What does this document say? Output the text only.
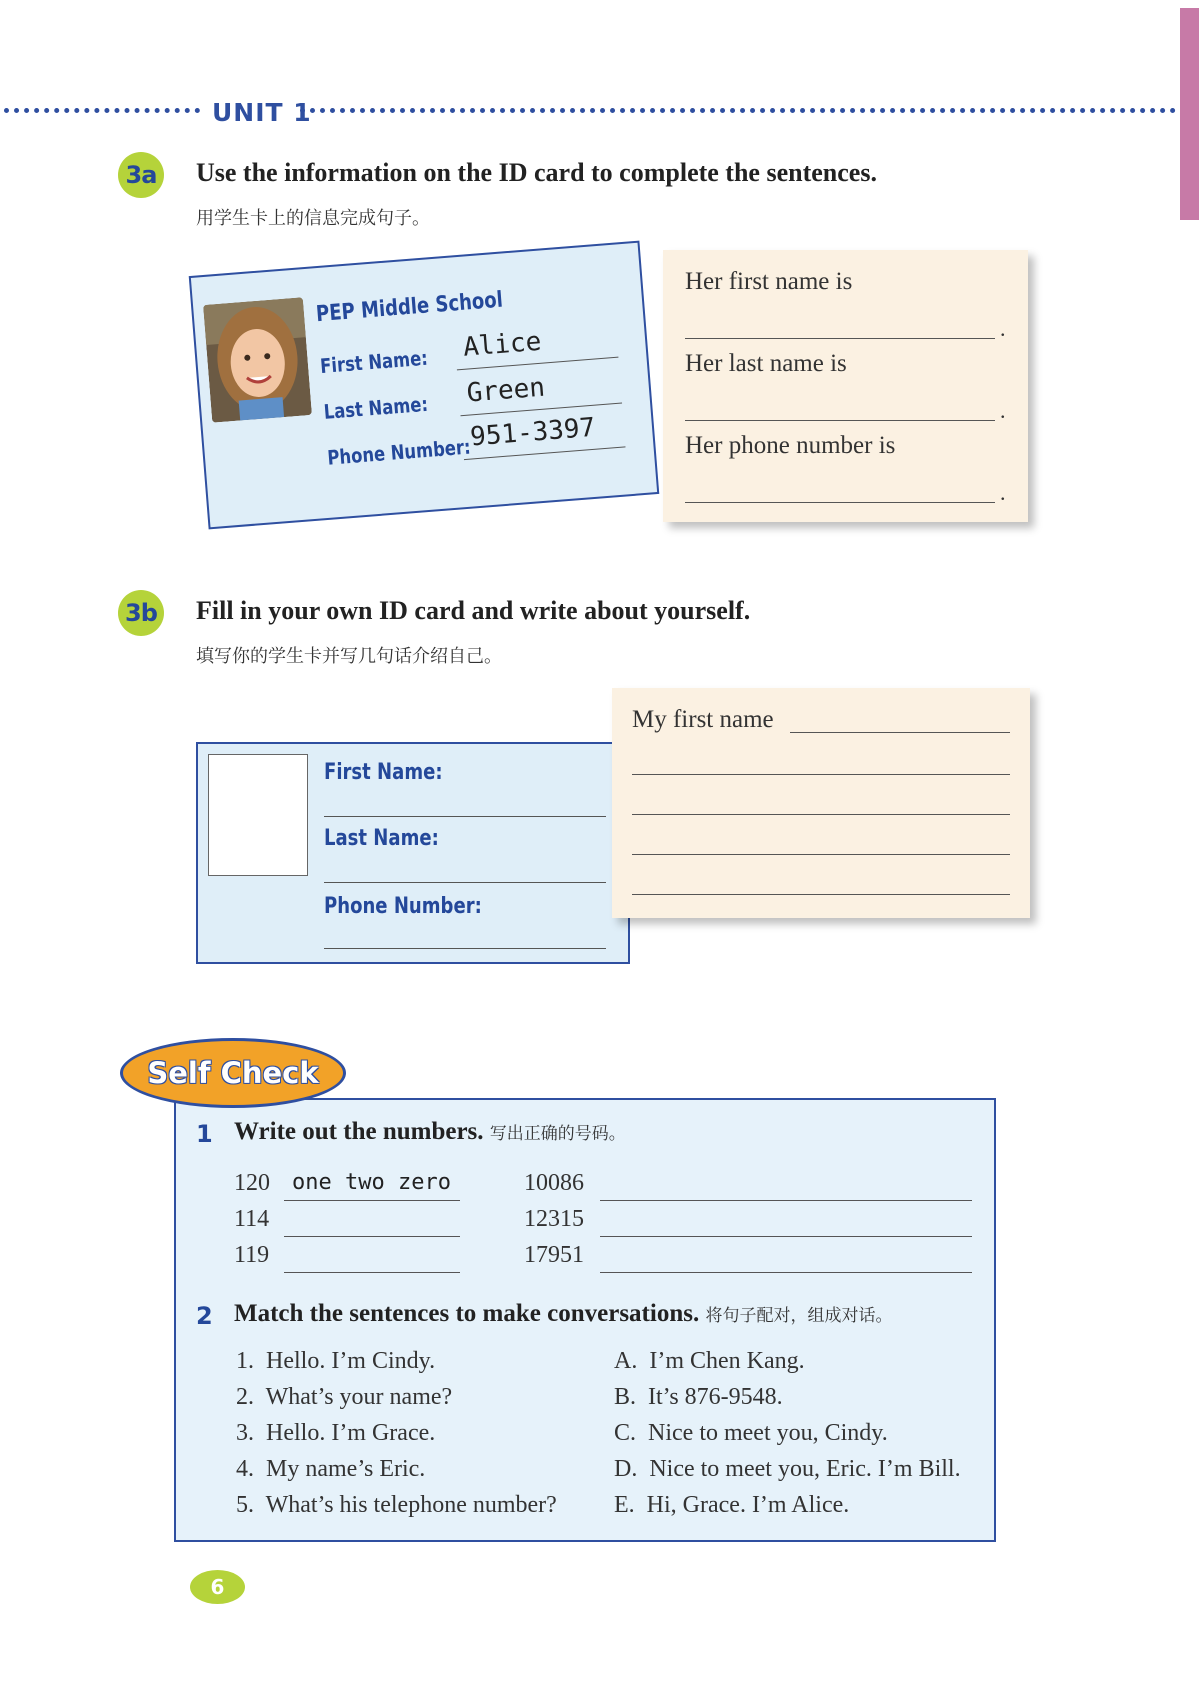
UNIT 1
3a Use the information on the ID card to complete the sentences.
用学生卡上的信息完成句子。
PEP Middle School
First Name: Alice
Last Name: Green
Phone Number:
951-3397
Her first name is
.
Her last name is
.
Her phone number is
.
3b Fill in your own ID card and write about yourself.
填写你的学生卡并写几句话介绍自己。
First Name:
Last Name:
Phone Number:
My first name
1 Write out the numbers. 写出正确的号码。
120 one two zero
114
119
10086
12315
17951
2 Match the sentences to make conversations. 将句子配对，组成对话。
1.  Hello. I’m Cindy.
2.  What’s your name?
3.  Hello. I’m Grace.
4.  My name’s Eric.
5.  What’s his telephone number?
A.  I’m Chen Kang.
B.  It’s 876-9548.
C.  Nice to meet you, Cindy.
D.  Nice to meet you, Eric. I’m Bill.
E.  Hi, Grace. I’m Alice.
Self Check
6
